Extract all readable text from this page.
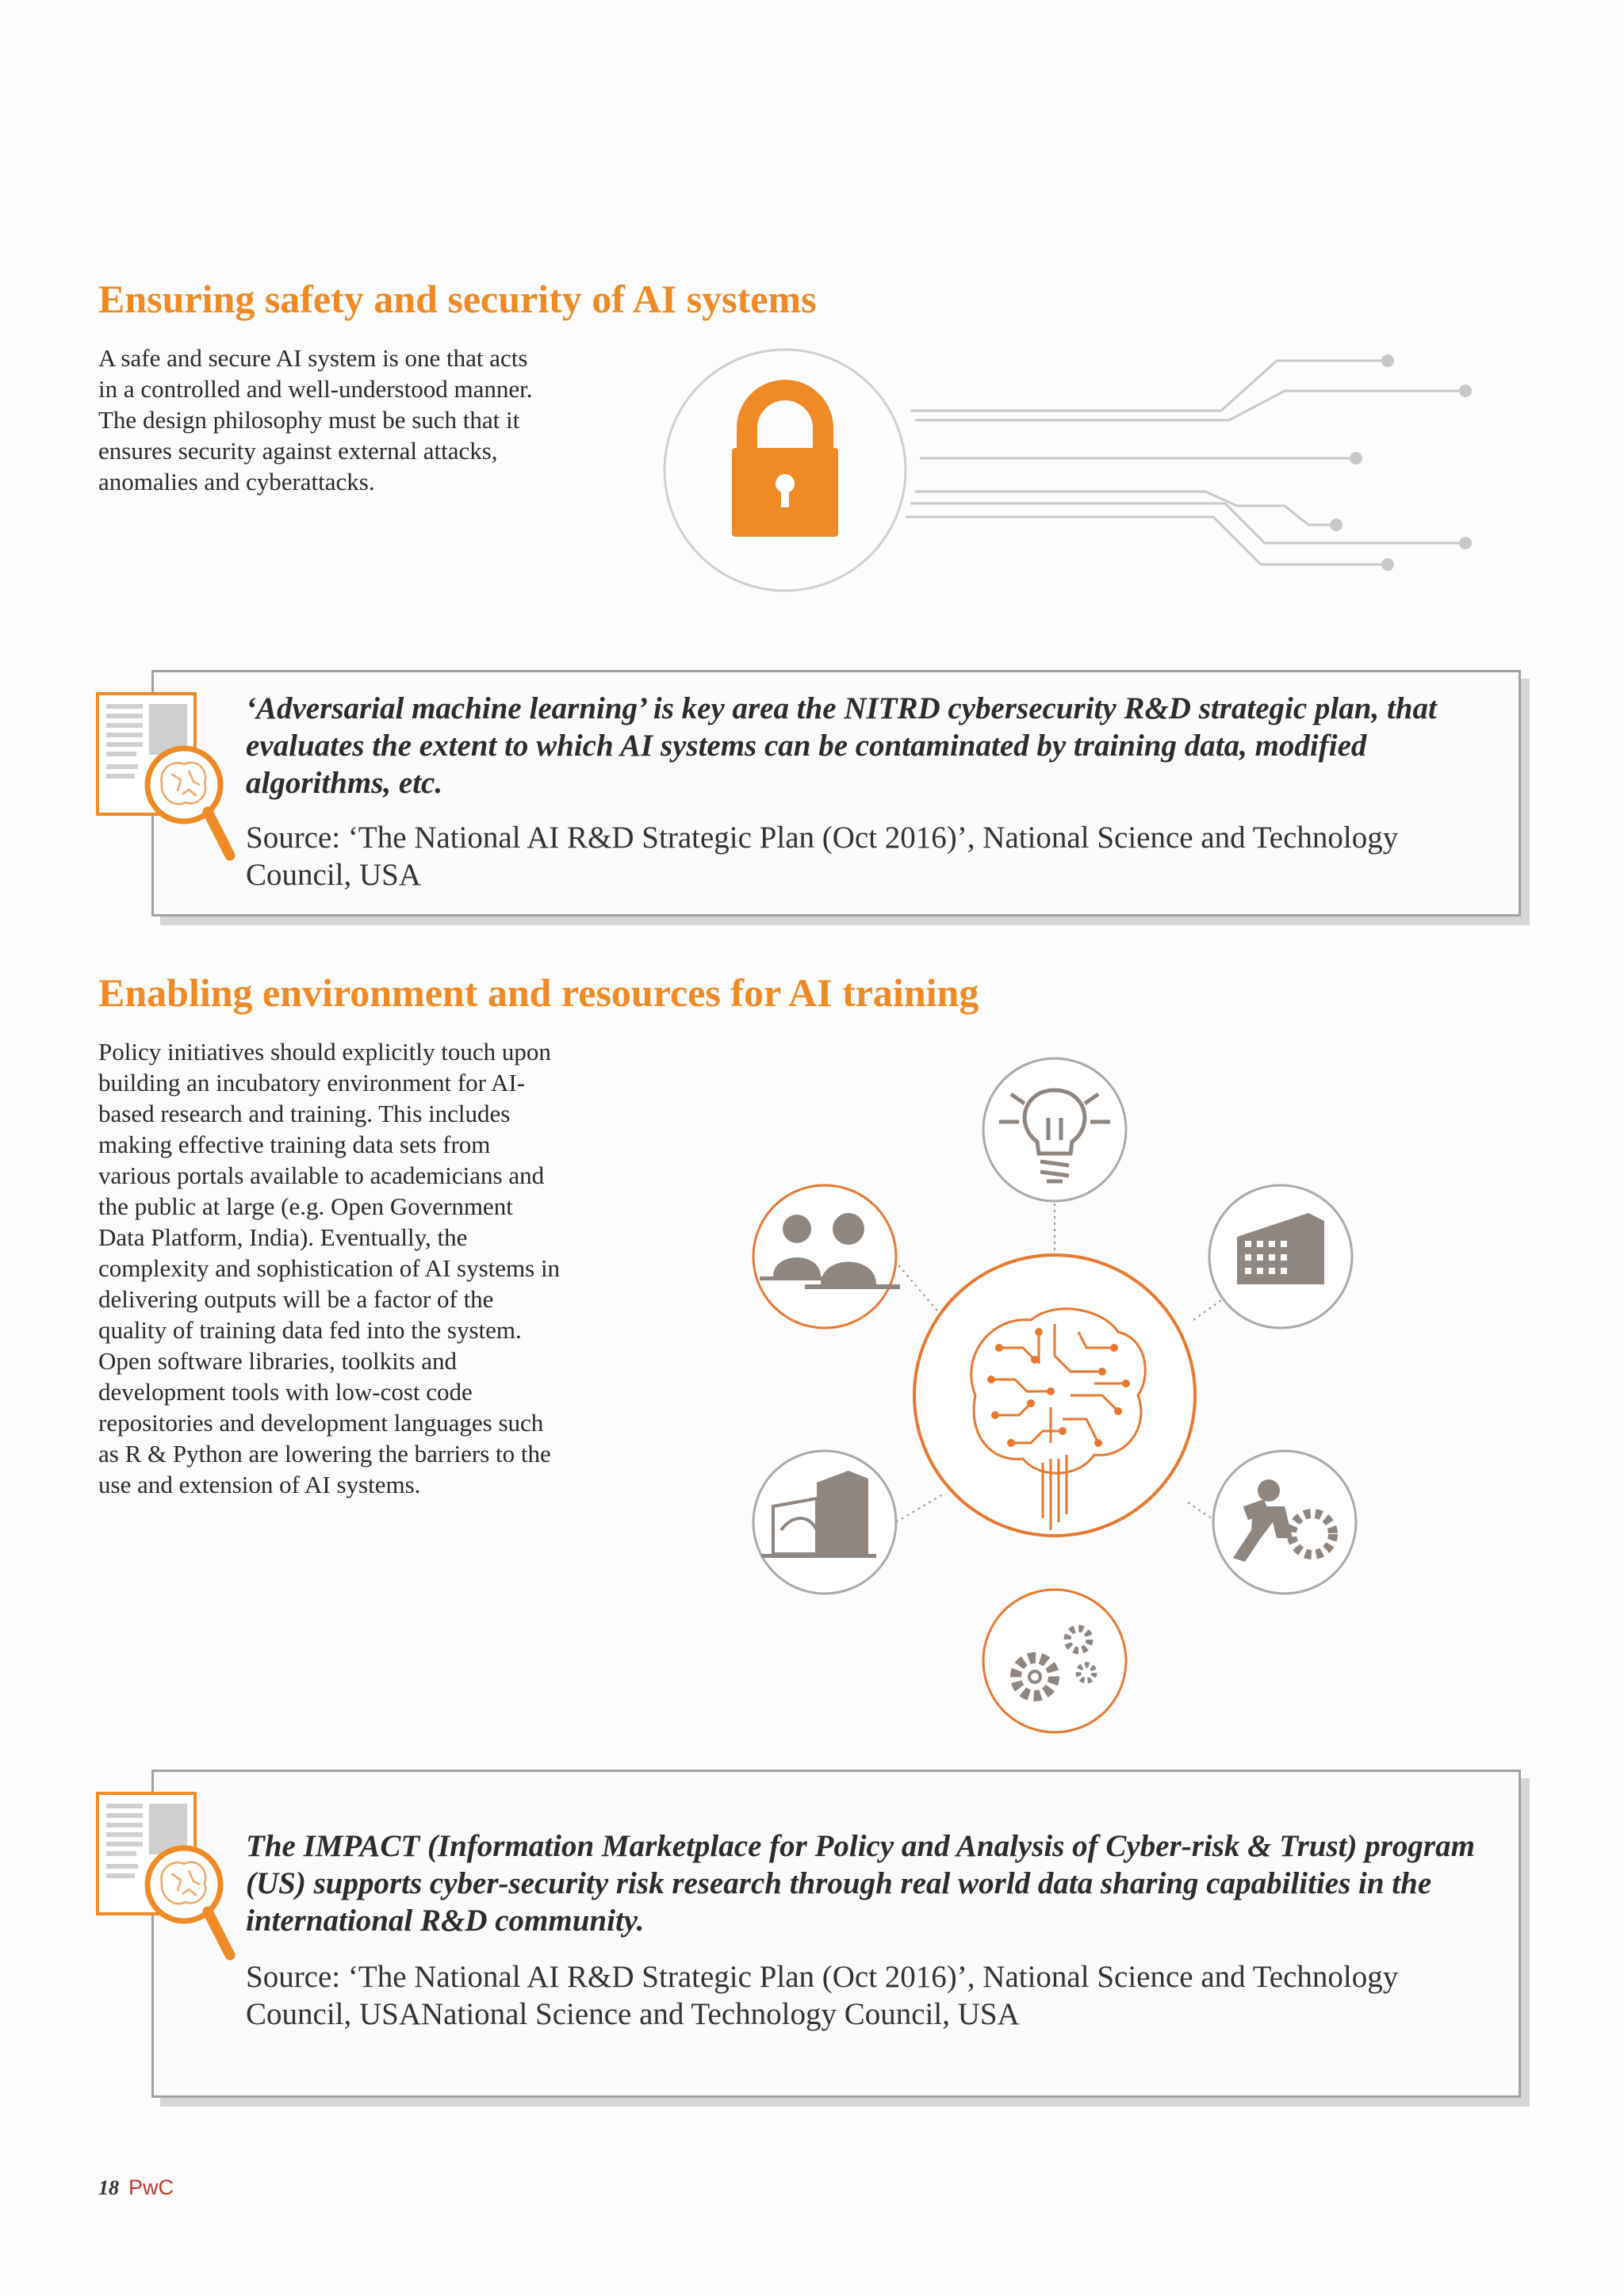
Ensuring safety and security of AI systems

A safe and secure AI system is one that acts in a controlled and well-understood manner. The design philosophy must be such that it ensures security against external attacks, anomalies and cyberattacks.

‘Adversarial machine learning’ is key area the NITRD cybersecurity R&D strategic plan, that evaluates the extent to which AI systems can be contaminated by training data, modified algorithms, etc.

Source: ‘The National AI R&D Strategic Plan (Oct 2016)’, National Science and Technology Council, USA

Enabling environment and resources for AI training

Policy initiatives should explicitly touch upon building an incubatory environment for AI-based research and training. This includes making effective training data sets from various portals available to academicians and the public at large (e.g. Open Government Data Platform, India). Eventually, the complexity and sophistication of AI systems in delivering outputs will be a factor of the quality of training data fed into the system. Open software libraries, toolkits and development tools with low-cost code repositories and development languages such as R & Python are lowering the barriers to the use and extension of AI systems.

The IMPACT (Information Marketplace for Policy and Analysis of Cyber-risk & Trust) program (US) supports cyber-security risk research through real world data sharing capabilities in the international R&D community.

Source: ‘The National AI R&D Strategic Plan (Oct 2016)’, National Science and Technology Council, USANational Science and Technology Council, USA

18 PwC
